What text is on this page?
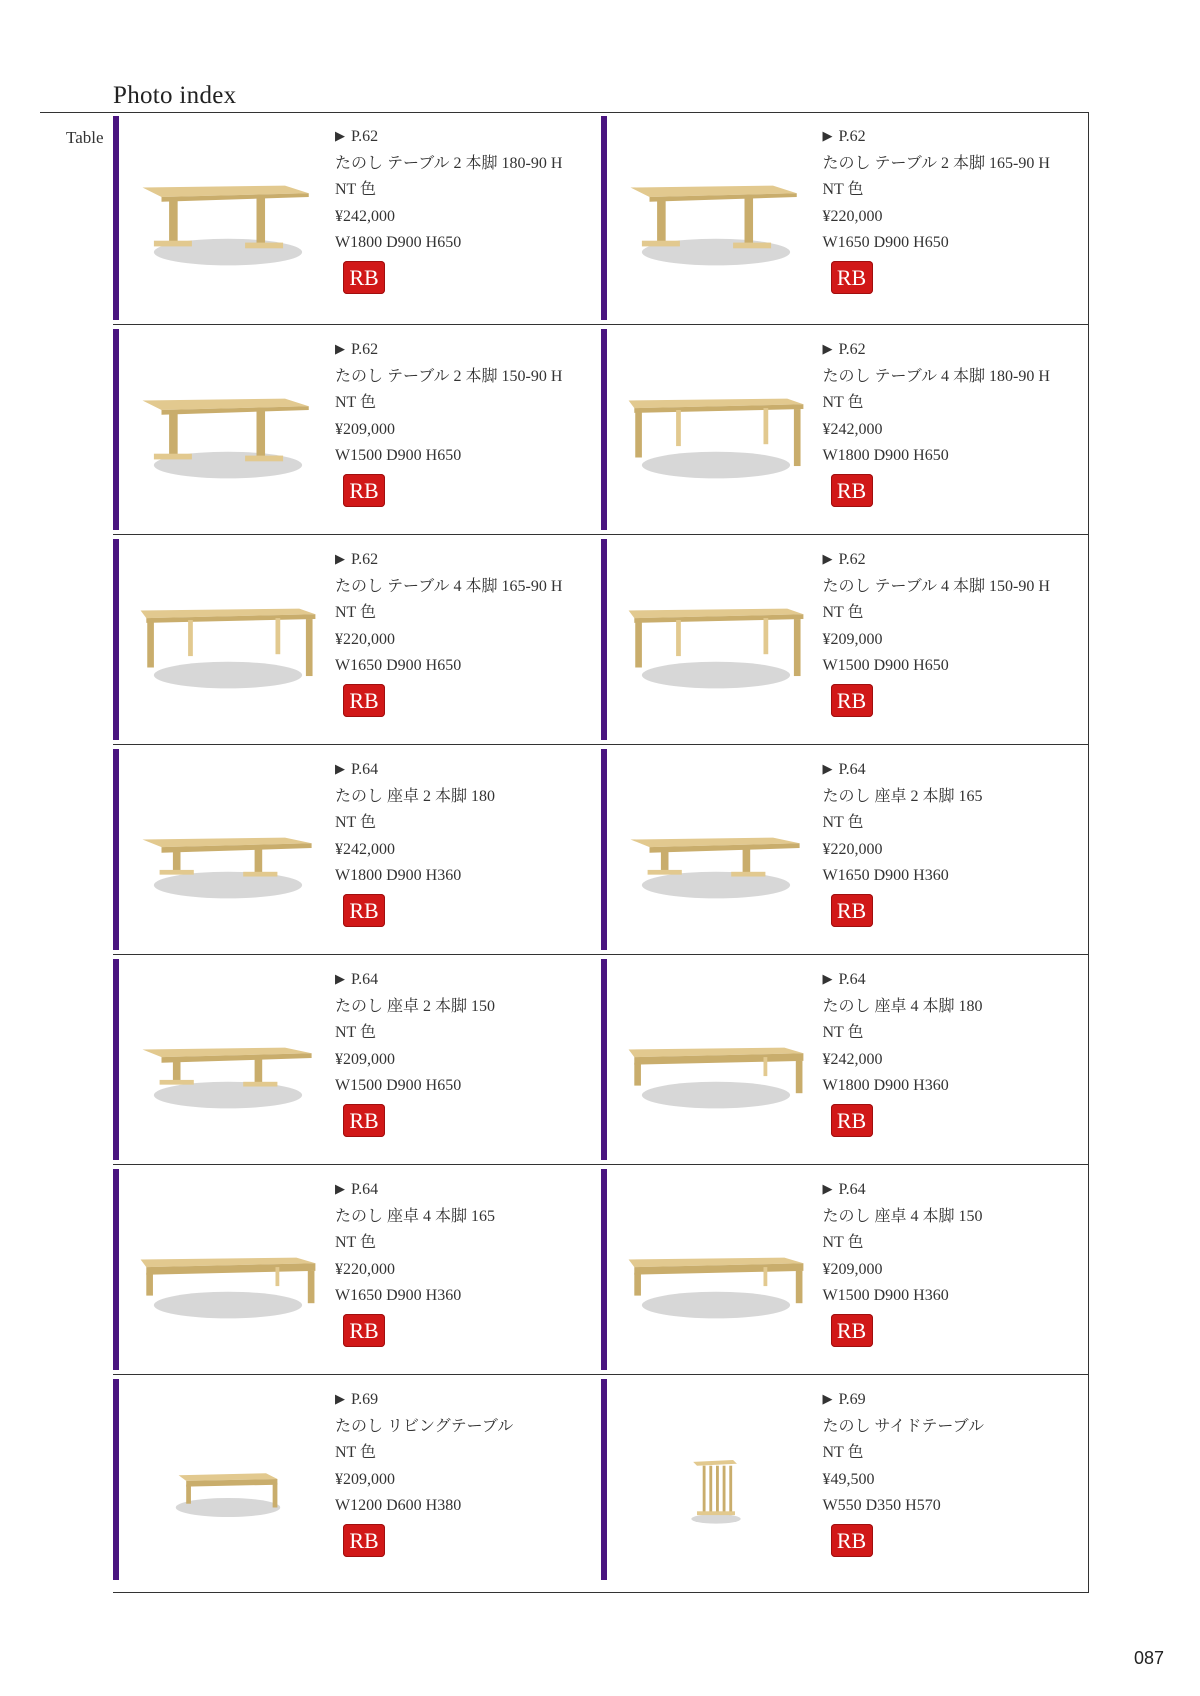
Photo index
Table	▶ P.62
たのし テーブル 2 本脚 180-90 H
NT 色
¥242,000
W1800 D900 H650
RB
▶ P.62
たのし テーブル 2 本脚 165-90 H
NT 色
¥220,000
W1650 D900 H650
RB
▶ P.62
たのし テーブル 2 本脚 150-90 H
NT 色
¥209,000
W1500 D900 H650
RB
▶ P.62
たのし テーブル 4 本脚 180-90 H
NT 色
¥242,000
W1800 D900 H650
RB
▶ P.62
たのし テーブル 4 本脚 165-90 H
NT 色
¥220,000
W1650 D900 H650
RB
▶ P.62
たのし テーブル 4 本脚 150-90 H
NT 色
¥209,000
W1500 D900 H650
RB
▶ P.64
たのし 座卓 2 本脚 180
NT 色
¥242,000
W1800 D900 H360
RB
▶ P.64
たのし 座卓 2 本脚 165
NT 色
¥220,000
W1650 D900 H360
RB
▶ P.64
たのし 座卓 2 本脚 150
NT 色
¥209,000
W1500 D900 H650
RB
▶ P.64
たのし 座卓 4 本脚 180
NT 色
¥242,000
W1800 D900 H360
RB
▶ P.64
たのし 座卓 4 本脚 165
NT 色
¥220,000
W1650 D900 H360
RB
▶ P.64
たのし 座卓 4 本脚 150
NT 色
¥209,000
W1500 D900 H360
RB
▶ P.69
たのし リビングテーブル
NT 色
¥209,000
W1200 D600 H380
RB
▶ P.69
たのし サイドテーブル
NT 色
¥49,500
W550 D350 H570
RB
087
